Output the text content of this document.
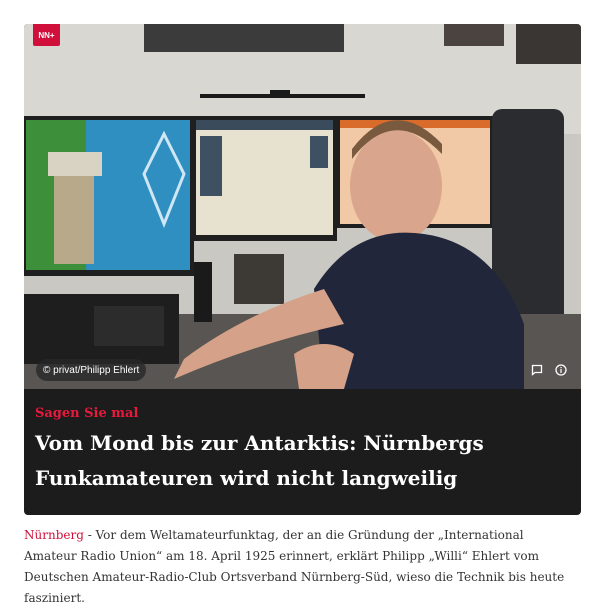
NN+
© privat/Philipp Ehlert
Sagen Sie mal
Vom Mond bis zur Antarktis: Nürnbergs Funkamateuren wird nicht langweilig

Nürnberg - Vor dem Weltamateurfunktag, der an die Gründung der „International Amateur Radio Union“ am 18. April 1925 erinnert, erklärt Philipp „Willi“ Ehlert vom Deutschen Amateur-Radio-Club Ortsverband Nürnberg-Süd, wieso die Technik bis heute fasziniert.
